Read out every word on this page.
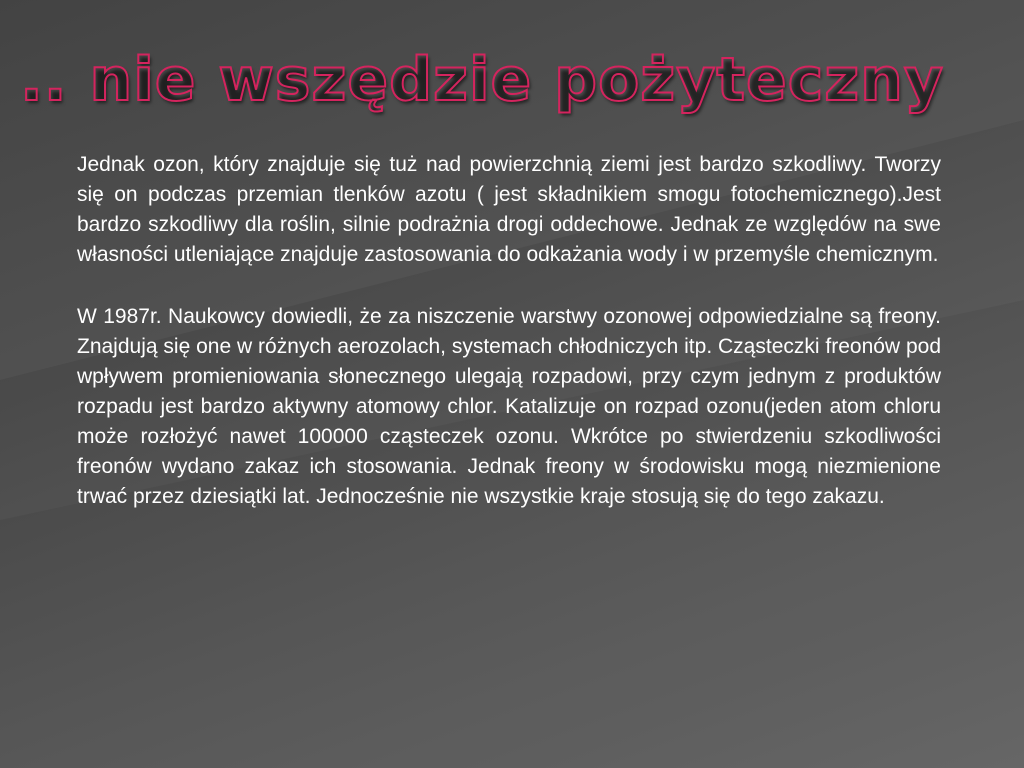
.. nie wszędzie pożyteczny

Jednak ozon, który znajduje się tuż nad powierzchnią ziemi jest bardzo szkodliwy. Tworzy się on podczas przemian tlenków azotu ( jest składnikiem smogu fotochemicznego).Jest bardzo szkodliwy dla roślin, silnie podrażnia drogi oddechowe. Jednak ze względów na swe własności utleniające znajduje zastosowania do odkażania wody i w przemyśle chemicznym.

W 1987r. Naukowcy dowiedli, że za niszczenie warstwy ozonowej odpowiedzialne są freony. Znajdują się one w różnych aerozolach, systemach chłodniczych itp. Cząsteczki freonów pod wpływem promieniowania słonecznego ulegają rozpadowi, przy czym jednym z produktów rozpadu jest bardzo aktywny atomowy chlor. Katalizuje on rozpad ozonu(jeden atom chloru może rozłożyć nawet 100000 cząsteczek ozonu. Wkrótce po stwierdzeniu szkodliwości freonów wydano zakaz ich stosowania. Jednak freony w środowisku mogą niezmienione trwać przez dziesiątki lat. Jednocześnie nie wszystkie kraje stosują się do tego zakazu.
